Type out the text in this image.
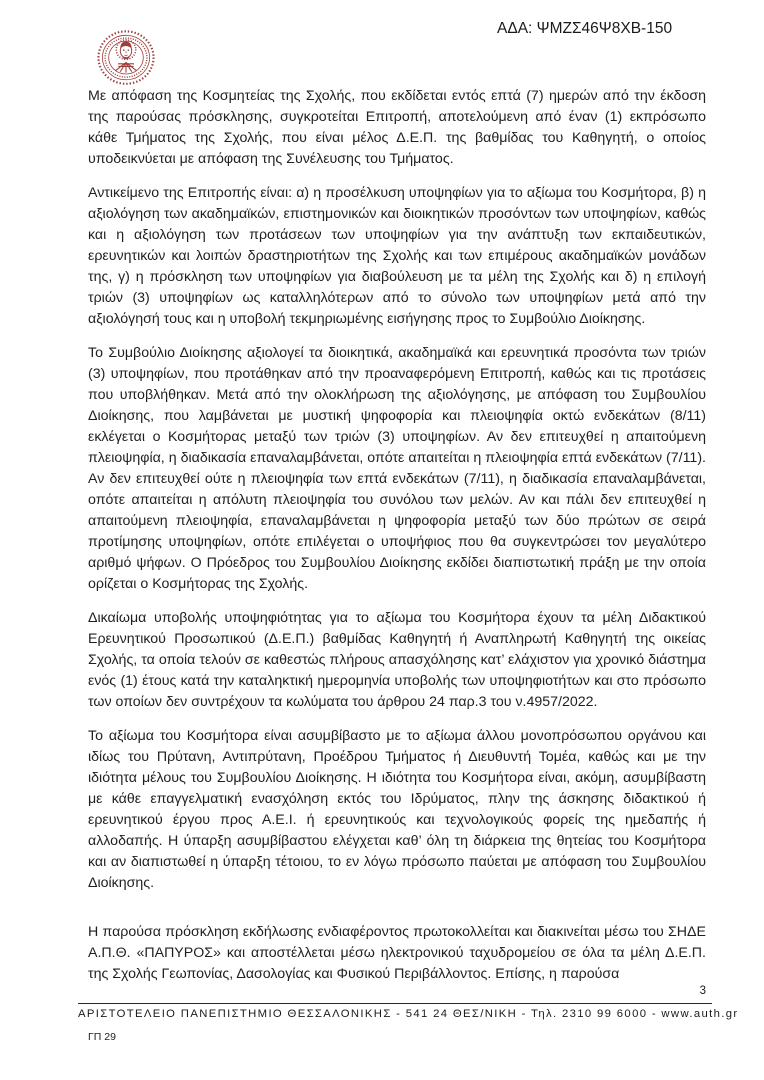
ΑΔΑ: ΨΜΖΣ46Ψ8ΧΒ-150

Με απόφαση της Κοσμητείας της Σχολής, που εκδίδεται εντός επτά (7) ημερών από την έκδοση της παρούσας πρόσκλησης, συγκροτείται Επιτροπή, αποτελούμενη από έναν (1) εκπρόσωπο κάθε Τμήματος της Σχολής, που είναι μέλος Δ.Ε.Π. της βαθμίδας του Καθηγητή, ο οποίος υποδεικνύεται με απόφαση της Συνέλευσης του Τμήματος.

Αντικείμενο της Επιτροπής είναι: α) η προσέλκυση υποψηφίων για το αξίωμα του Κοσμήτορα, β) η αξιολόγηση των ακαδημαϊκών, επιστημονικών και διοικητικών προσόντων των υποψηφίων, καθώς και η αξιολόγηση των προτάσεων των υποψηφίων για την ανάπτυξη των εκπαιδευτικών, ερευνητικών και λοιπών δραστηριοτήτων της Σχολής και των επιμέρους ακαδημαϊκών μονάδων της, γ) η πρόσκληση των υποψηφίων για διαβούλευση με τα μέλη της Σχολής και δ) η επιλογή τριών (3) υποψηφίων ως καταλληλότερων από το σύνολο των υποψηφίων μετά από την αξιολόγησή τους και η υποβολή τεκμηριωμένης εισήγησης προς το Συμβούλιο Διοίκησης.

Το Συμβούλιο Διοίκησης αξιολογεί τα διοικητικά, ακαδημαϊκά και ερευνητικά προσόντα των τριών (3) υποψηφίων, που προτάθηκαν από την προαναφερόμενη Επιτροπή, καθώς και τις προτάσεις που υποβλήθηκαν. Μετά από την ολοκλήρωση της αξιολόγησης, με απόφαση του Συμβουλίου Διοίκησης, που λαμβάνεται με μυστική ψηφοφορία και πλειοψηφία οκτώ ενδεκάτων (8/11) εκλέγεται ο Κοσμήτορας μεταξύ των τριών (3) υποψηφίων. Αν δεν επιτευχθεί η απαιτούμενη πλειοψηφία, η διαδικασία επαναλαμβάνεται, οπότε απαιτείται η πλειοψηφία επτά ενδεκάτων (7/11). Αν δεν επιτευχθεί ούτε η πλειοψηφία των επτά ενδεκάτων (7/11), η διαδικασία επαναλαμβάνεται, οπότε απαιτείται η απόλυτη πλειοψηφία του συνόλου των μελών. Αν και πάλι δεν επιτευχθεί η απαιτούμενη πλειοψηφία, επαναλαμβάνεται η ψηφοφορία μεταξύ των δύο πρώτων σε σειρά προτίμησης υποψηφίων, οπότε επιλέγεται ο υποψήφιος που θα συγκεντρώσει τον μεγαλύτερο αριθμό ψήφων. Ο Πρόεδρος του Συμβουλίου Διοίκησης εκδίδει διαπιστωτική πράξη με την οποία ορίζεται ο Κοσμήτορας της Σχολής.

Δικαίωμα υποβολής υποψηφιότητας για το αξίωμα του Κοσμήτορα έχουν τα μέλη Διδακτικού Ερευνητικού Προσωπικού (Δ.Ε.Π.) βαθμίδας Καθηγητή ή Αναπληρωτή Καθηγητή της οικείας Σχολής, τα οποία τελούν σε καθεστώς πλήρους απασχόλησης κατ’ ελάχιστον για χρονικό διάστημα ενός (1) έτους κατά την καταληκτική ημερομηνία υποβολής των υποψηφιοτήτων και στο πρόσωπο των οποίων δεν συντρέχουν τα κωλύματα του άρθρου 24 παρ.3 του ν.4957/2022.

Το αξίωμα του Κοσμήτορα είναι ασυμβίβαστο με το αξίωμα άλλου μονοπρόσωπου οργάνου και ιδίως του Πρύτανη, Αντιπρύτανη, Προέδρου Τμήματος ή Διευθυντή Τομέα, καθώς και με την ιδιότητα μέλους του Συμβουλίου Διοίκησης. Η ιδιότητα του Κοσμήτορα είναι, ακόμη, ασυμβίβαστη με κάθε επαγγελματική ενασχόληση εκτός του Ιδρύματος, πλην της άσκησης διδακτικού ή ερευνητικού έργου προς Α.Ε.Ι. ή ερευνητικούς και τεχνολογικούς φορείς της ημεδαπής ή αλλοδαπής. Η ύπαρξη ασυμβίβαστου ελέγχεται καθ’ όλη τη διάρκεια της θητείας του Κοσμήτορα και αν διαπιστωθεί η ύπαρξη τέτοιου, το εν λόγω πρόσωπο παύεται με απόφαση του Συμβουλίου Διοίκησης.

Η παρούσα πρόσκληση εκδήλωσης ενδιαφέροντος πρωτοκολλείται και διακινείται μέσω του ΣΗΔΕ Α.Π.Θ. «ΠΑΠΥΡΟΣ» και αποστέλλεται μέσω ηλεκτρονικού ταχυδρομείου σε όλα τα μέλη Δ.Ε.Π. της Σχολής Γεωπονίας, Δασολογίας και Φυσικού Περιβάλλοντος. Επίσης, η παρούσα

3
ΑΡΙΣΤΟΤΕΛΕΙΟ ΠΑΝΕΠΙΣΤΗΜΙΟ ΘΕΣΣΑΛΟΝΙΚΗΣ - 541 24 ΘΕΣ/ΝΙΚΗ - Τηλ. 2310 99 6000 - www.auth.gr
ΓΠ 29
